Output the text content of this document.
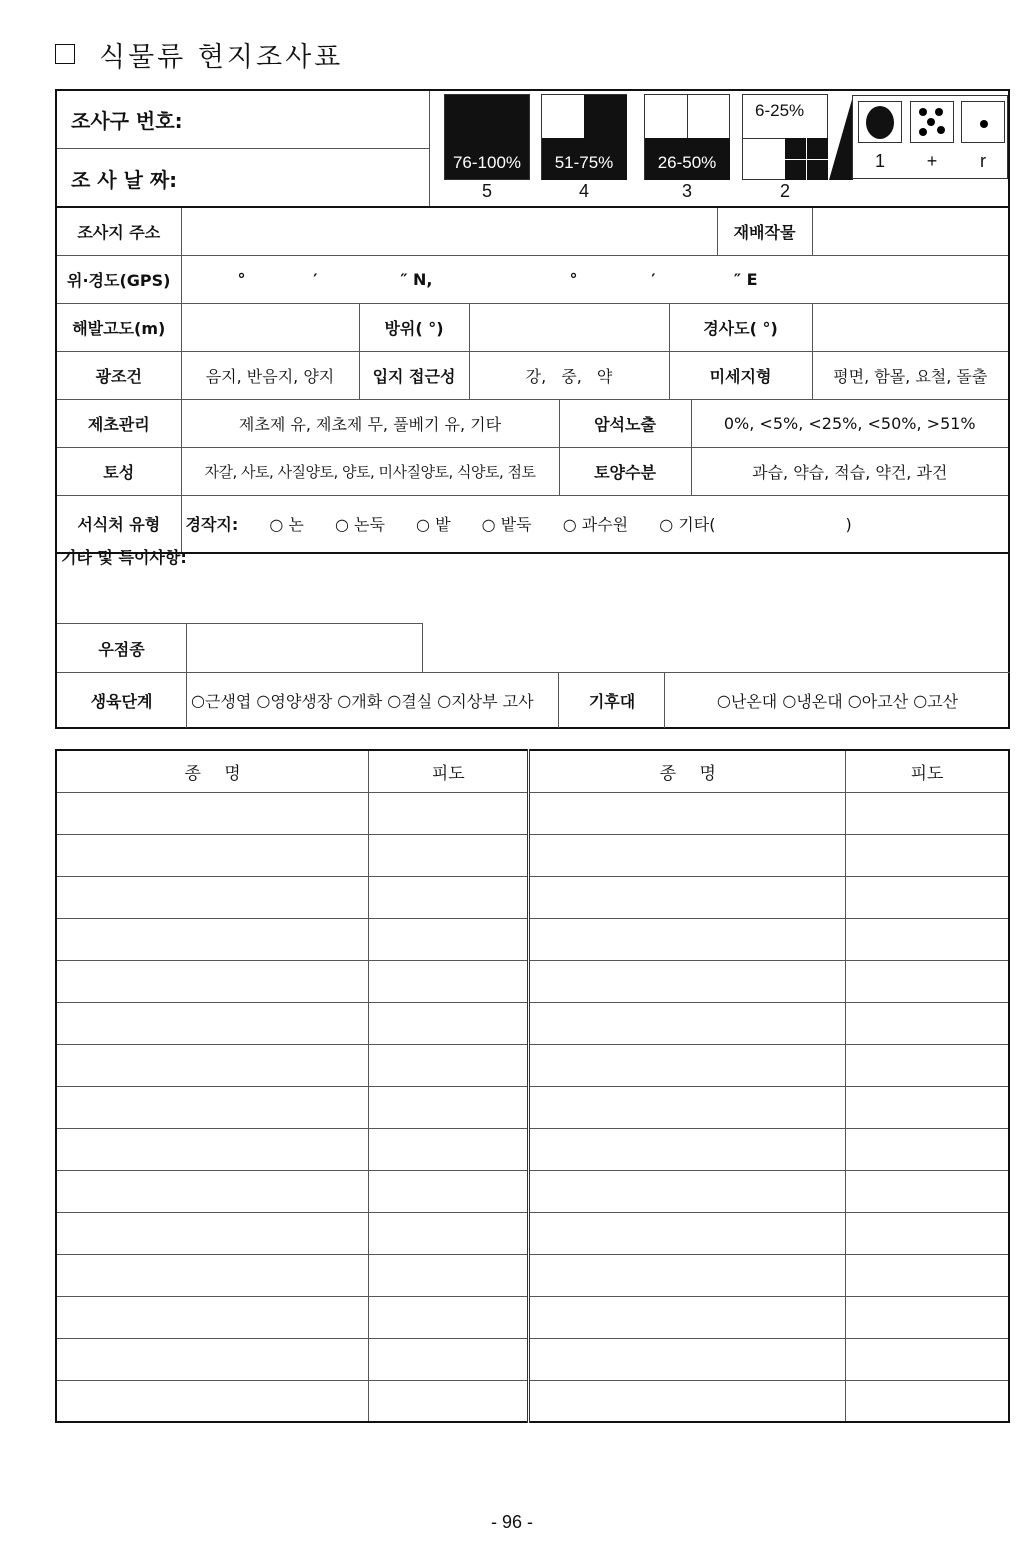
식물류 현지조사표
조사구 번호:
조 사 날 짜:
76-100%
5
51-75%
4
26-50%
3
6-25%
2
1	+	r
조사지 주소							재배작물	
위·경도(GPS)	° ′ ″ N, ° ′ ″ E							
해발고도(m)		방위( °)			경사도( °)			
광조건	음지, 반음지, 양지	입지 접근성	강, 중, 약		미세지형			평면, 함몰, 요철, 돌출
제초관리	제초제 유, 제초제 무, 풀베기 유, 기타			암석노출		0%, <5%, <25%, <50%, >51%		
토성	자갈, 사토, 사질양토, 양토, 미사질양토, 식양토, 점토			토양수분		과습, 약습, 적습, 약건, 과건		
서식처 유형	경작지: ○ 논 ○ 논둑 ○ 밭 ○ 밭둑 ○ 과수원 ○ 기타( )							
기타 및 특이사항:
우점종
생육단계	○ 근생엽 ○ 영양생장 ○ 개화 ○ 결실 ○ 지상부 고사	기후대	○ 난온대 ○ 냉온대 ○ 아고산 ○ 고산
종 명	피도	종 명	피도

- 96 -
